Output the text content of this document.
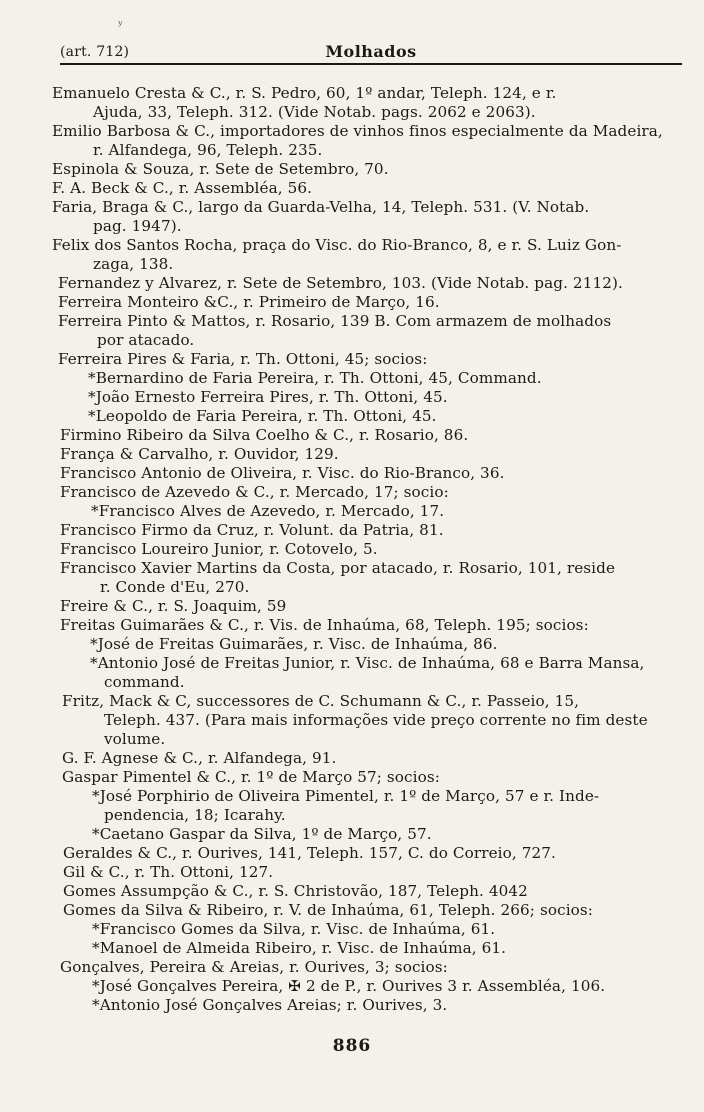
(art. 712)	Molhados
ʸ
Emanuelo Cresta & C., r. S. Pedro, 60, 1º andar, Teleph. 124, e r.
Ajuda, 33, Teleph. 312. (Vide Notab. pags. 2062 e 2063).
Emilio Barbosa & C., importadores de vinhos finos especialmente da Madeira,
r. Alfandega, 96, Teleph. 235.
Espinola & Souza, r. Sete de Setembro, 70.
F. A. Beck & C., r. Assembléa, 56.
Faria, Braga & C., largo da Guarda-Velha, 14, Teleph. 531. (V. Notab.
pag. 1947).
Felix dos Santos Rocha, praça do Visc. do Rio-Branco, 8, e r. S. Luiz Gon-
zaga, 138.
Fernandez y Alvarez, r. Sete de Setembro, 103. (Vide Notab. pag. 2112).
Ferreira Monteiro &C., r. Primeiro de Março, 16.
Ferreira Pinto & Mattos, r. Rosario, 139 B. Com armazem de molhados
por atacado.
Ferreira Pires & Faria, r. Th. Ottoni, 45; socios:
*Bernardino de Faria Pereira, r. Th. Ottoni, 45, Command.
*João Ernesto Ferreira Pires, r. Th. Ottoni, 45.
*Leopoldo de Faria Pereira, r. Th. Ottoni, 45.
Firmino Ribeiro da Silva Coelho & C., r. Rosario, 86.
França & Carvalho, r. Ouvidor, 129.
Francisco Antonio de Oliveira, r. Visc. do Rio-Branco, 36.
Francisco de Azevedo & C., r. Mercado, 17; socio:
*Francisco Alves de Azevedo, r. Mercado, 17.
Francisco Firmo da Cruz, r. Volunt. da Patria, 81.
Francisco Loureiro Junior, r. Cotovelo, 5.
Francisco Xavier Martins da Costa, por atacado, r. Rosario, 101, reside
r. Conde d'Eu, 270.
Freire & C., r. S. Joaquim, 59
Freitas Guimarães & C., r. Vis. de Inhaúma, 68, Teleph. 195; socios:
*José de Freitas Guimarães, r. Visc. de Inhaúma, 86.
*Antonio José de Freitas Junior, r. Visc. de Inhaúma, 68 e Barra Mansa,
command.
Fritz, Mack & C, successores de C. Schumann & C., r. Passeio, 15,
Teleph. 437. (Para mais informações vide preço corrente no fim deste
volume.
G. F. Agnese & C., r. Alfandega, 91.
Gaspar Pimentel & C., r. 1º de Março 57; socios:
*José Porphirio de Oliveira Pimentel, r. 1º de Março, 57 e r. Inde-
pendencia, 18; Icarahy.
*Caetano Gaspar da Silva, 1º de Março, 57.
Geraldes & C., r. Ourives, 141, Teleph. 157, C. do Correio, 727.
Gil & C., r. Th. Ottoni, 127.
Gomes Assumpção & C., r. S. Christovão, 187, Teleph. 4042
Gomes da Silva & Ribeiro, r. V. de Inhaúma, 61, Teleph. 266; socios:
*Francisco Gomes da Silva, r. Visc. de Inhaúma, 61.
*Manoel de Almeida Ribeiro, r. Visc. de Inhaúma, 61.
Gonçalves, Pereira & Areias, r. Ourives, 3; socios:
*José Gonçalves Pereira, ✠ 2 de P., r. Ourives 3 r. Assembléa, 106.
*Antonio José Gonçalves Areias; r. Ourives, 3.
886
